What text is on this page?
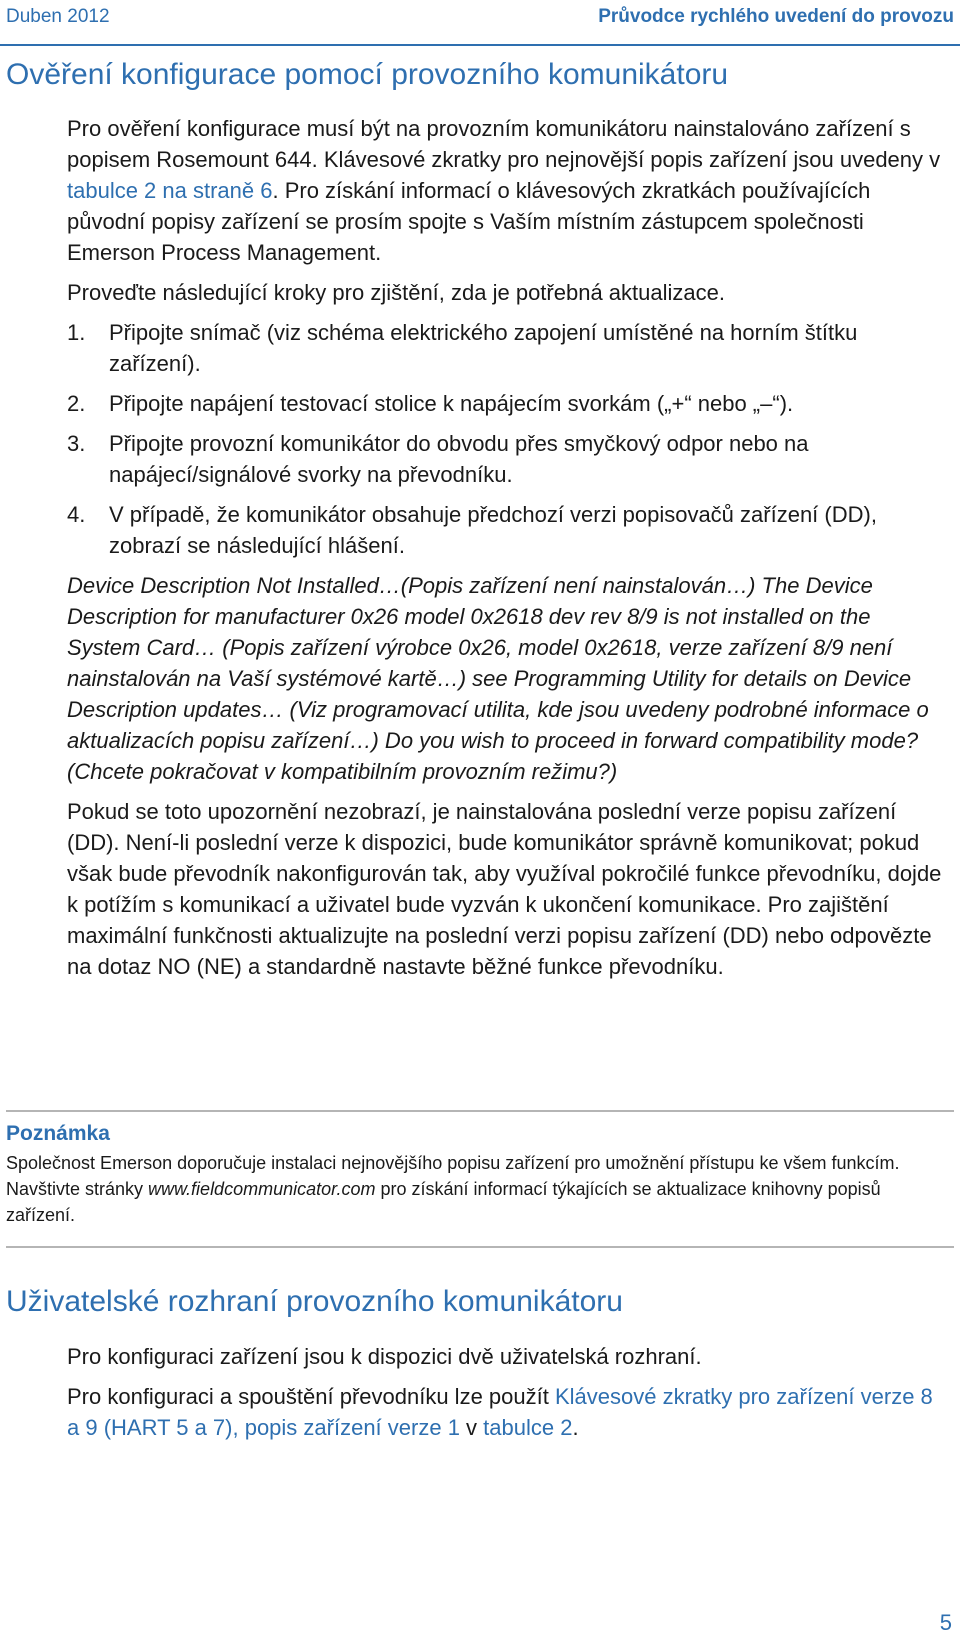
Duben 2012	Průvodce rychlého uvedení do provozu
Ověření konfigurace pomocí provozního komunikátoru

Pro ověření konfigurace musí být na provozním komunikátoru nainstalováno zařízení s popisem Rosemount 644. Klávesové zkratky pro nejnovější popis zařízení jsou uvedeny v tabulce 2 na straně 6. Pro získání informací o klávesových zkratkách používajících původní popisy zařízení se prosím spojte s Vaším místním zástupcem společnosti Emerson Process Management.

Proveďte následující kroky pro zjištění, zda je potřebná aktualizace.

1. Připojte snímač (viz schéma elektrického zapojení umístěné na horním štítku zařízení).
2. Připojte napájení testovací stolice k napájecím svorkám („+“ nebo „–“).
3. Připojte provozní komunikátor do obvodu přes smyčkový odpor nebo na napájecí/signálové svorky na převodníku.
4. V případě, že komunikátor obsahuje předchozí verzi popisovačů zařízení (DD), zobrazí se následující hlášení.

Device Description Not Installed…(Popis zařízení není nainstalován…) The Device Description for manufacturer 0x26 model 0x2618 dev rev 8/9 is not installed on the System Card… (Popis zařízení výrobce 0x26, model 0x2618, verze zařízení 8/9 není nainstalován na Vaší systémové kartě…) see Programming Utility for details on Device Description updates… (Viz programovací utilita, kde jsou uvedeny podrobné informace o aktualizacích popisu zařízení…) Do you wish to proceed in forward compatibility mode? (Chcete pokračovat v kompatibilním provozním režimu?)

Pokud se toto upozornění nezobrazí, je nainstalována poslední verze popisu zařízení (DD). Není-li poslední verze k dispozici, bude komunikátor správně komunikovat; pokud však bude převodník nakonfigurován tak, aby využíval pokročilé funkce převodníku, dojde k potížím s komunikací a uživatel bude vyzván k ukončení komunikace. Pro zajištění maximální funkčnosti aktualizujte na poslední verzi popisu zařízení (DD) nebo odpovězte na dotaz NO (NE) a standardně nastavte běžné funkce převodníku.

Poznámka

Společnost Emerson doporučuje instalaci nejnovějšího popisu zařízení pro umožnění přístupu ke všem funkcím. Navštivte stránky www.fieldcommunicator.com pro získání informací týkajících se aktualizace knihovny popisů zařízení.

Uživatelské rozhraní provozního komunikátoru

Pro konfiguraci zařízení jsou k dispozici dvě uživatelská rozhraní.

Pro konfiguraci a spouštění převodníku lze použít Klávesové zkratky pro zařízení verze 8 a 9 (HART 5 a 7), popis zařízení verze 1 v tabulce 2.

5
